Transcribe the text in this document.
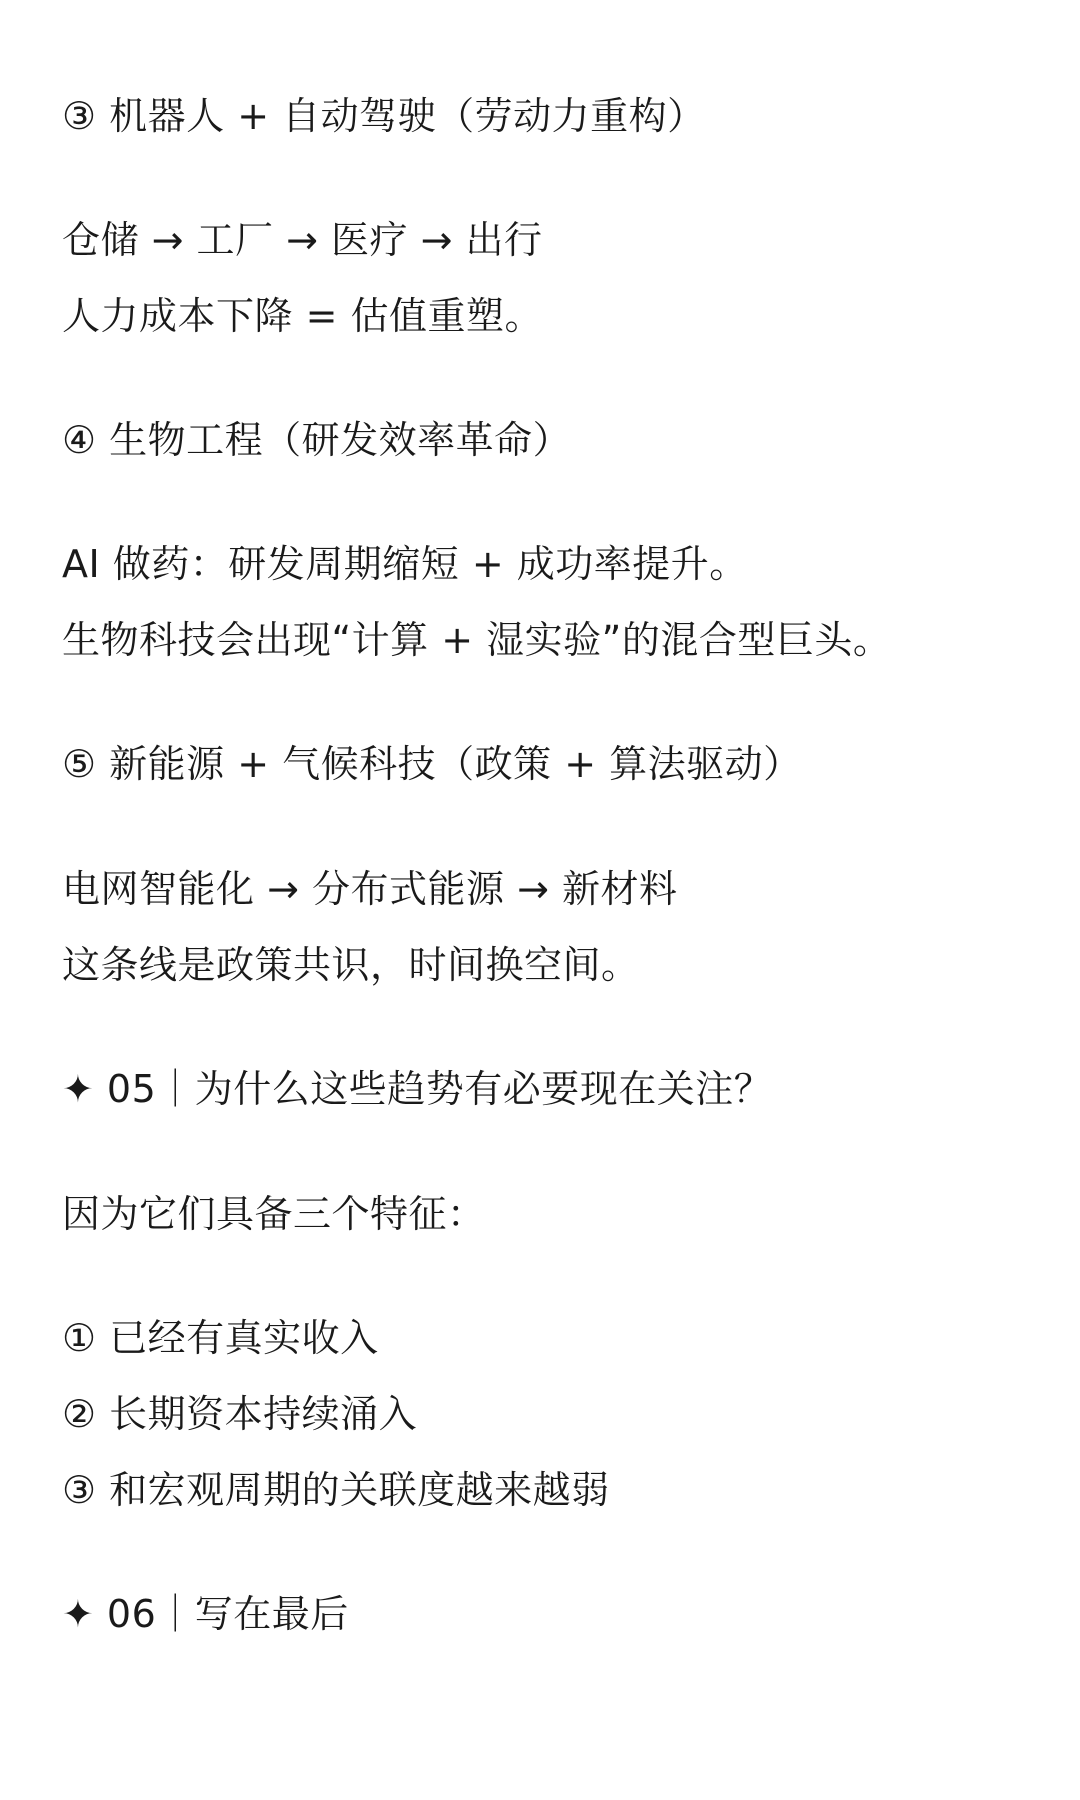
③ 机器人 + 自动驾驶（劳动力重构）
仓储 → 工厂 → 医疗 → 出行
人力成本下降 = 估值重塑。
④ 生物工程（研发效率革命）
AI 做药：研发周期缩短 + 成功率提升。
生物科技会出现“计算 + 湿实验”的混合型巨头。
⑤ 新能源 + 气候科技（政策 + 算法驱动）
电网智能化 → 分布式能源 → 新材料
这条线是政策共识，时间换空间。
✦ 05｜为什么这些趋势有必要现在关注？
因为它们具备三个特征：
① 已经有真实收入
② 长期资本持续涌入
③ 和宏观周期的关联度越来越弱
✦ 06｜写在最后
